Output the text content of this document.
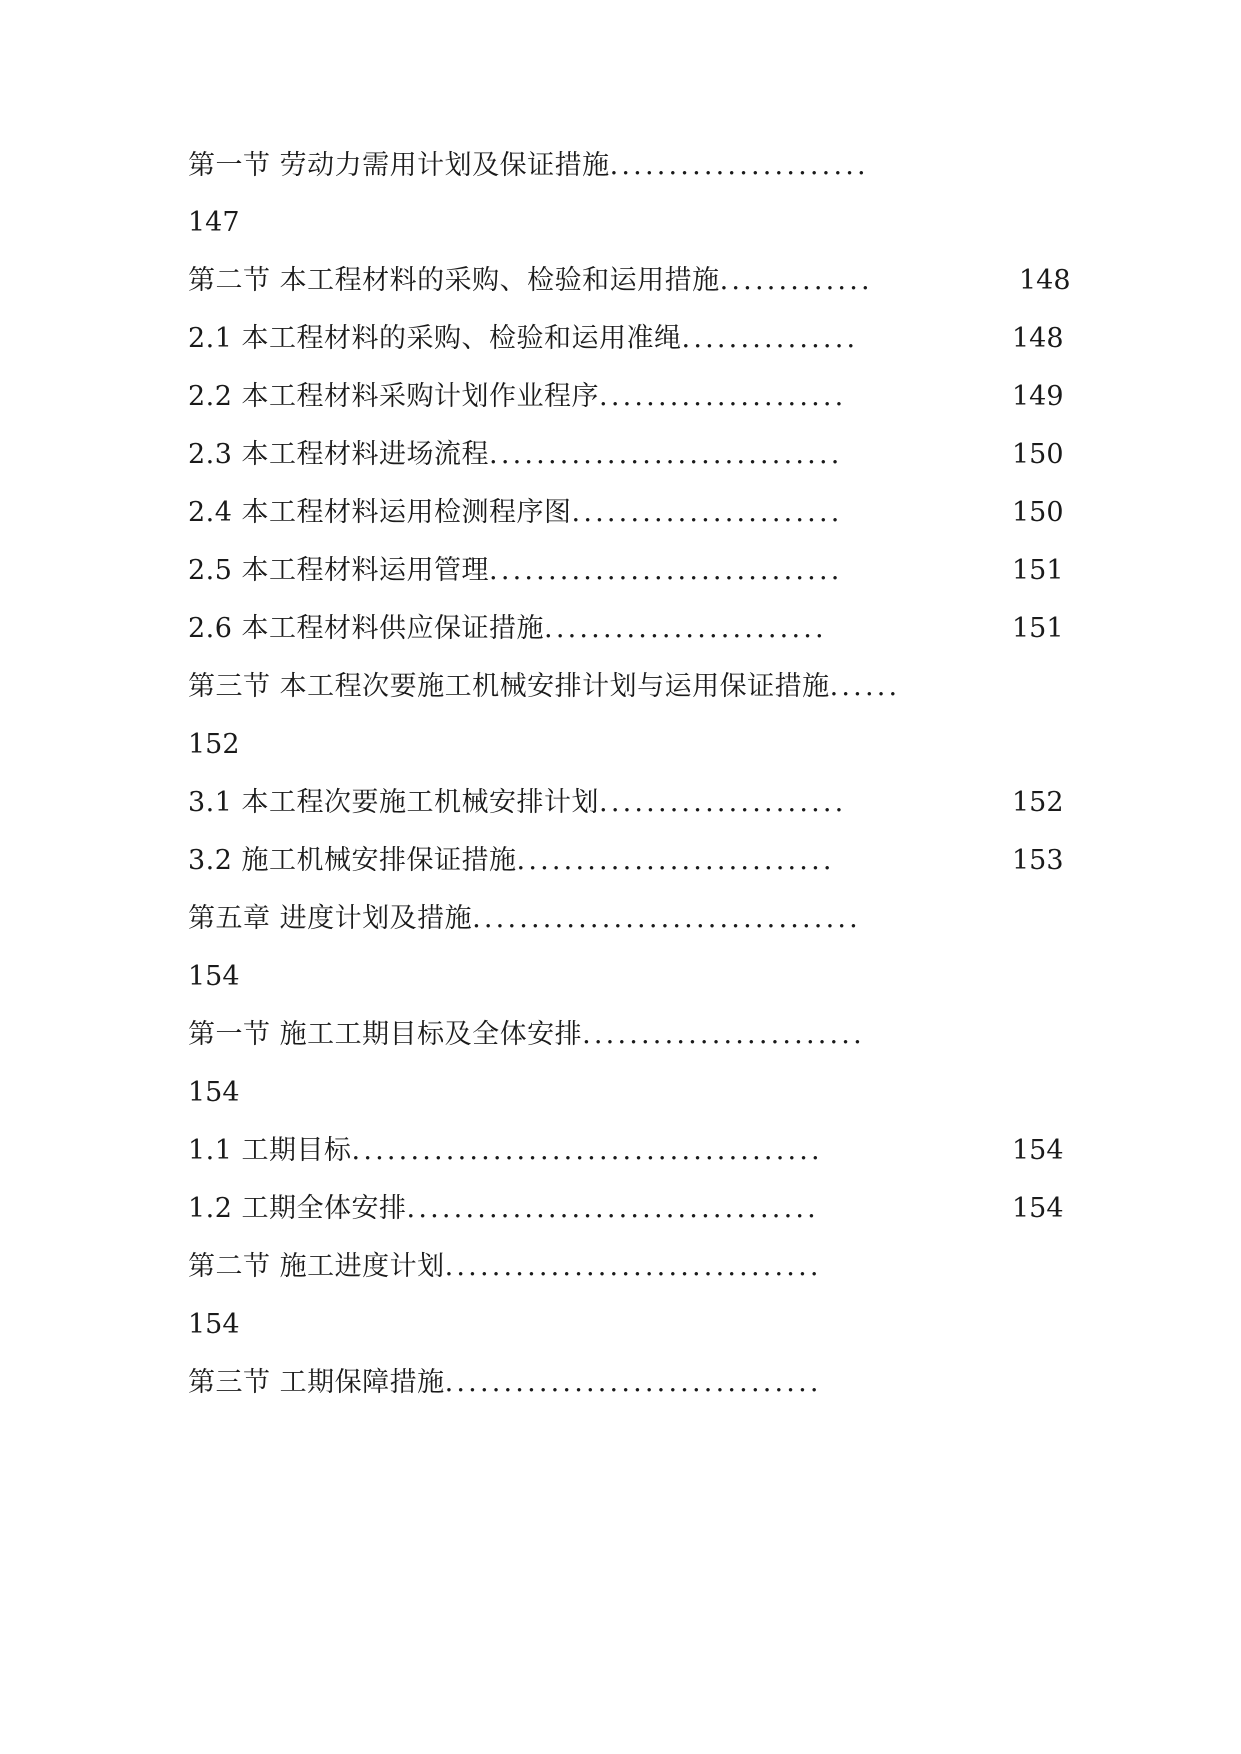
第一节 劳动力需用计划及保证措施......................
147
第二节 本工程材料的采购、检验和运用措施.............	148
2.1 本工程材料的采购、检验和运用准绳...............	148
2.2 本工程材料采购计划作业程序.....................	149
2.3 本工程材料进场流程..............................	150
2.4 本工程材料运用检测程序图.......................	150
2.5 本工程材料运用管理..............................	151
2.6 本工程材料供应保证措施........................	151
第三节 本工程次要施工机械安排计划与运用保证措施......
152
3.1 本工程次要施工机械安排计划.....................	152
3.2 施工机械安排保证措施...........................	153
第五章 进度计划及措施.................................
154
第一节 施工工期目标及全体安排........................
154
1.1 工期目标........................................	154
1.2 工期全体安排...................................	154
第二节 施工进度计划................................
154
第三节 工期保障措施................................
